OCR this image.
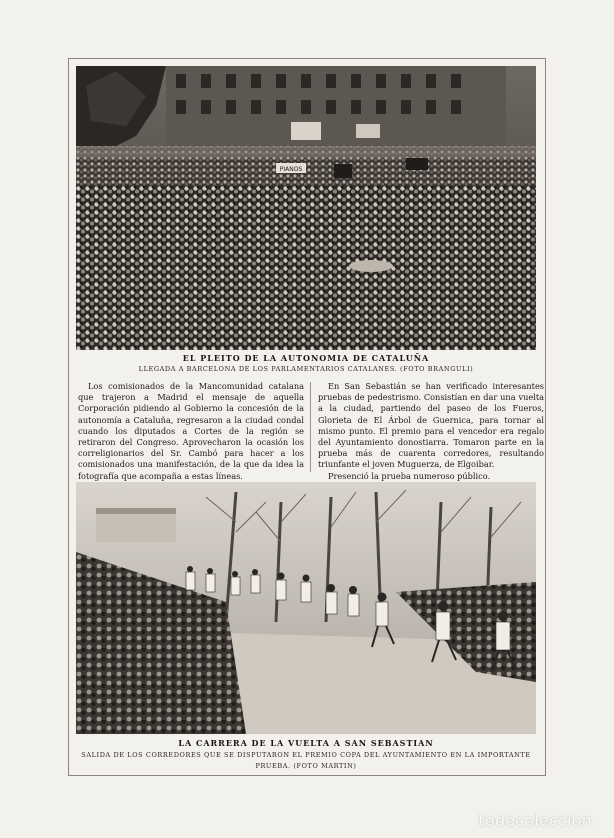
PIANOS
EL PLEITO DE LA AUTONOMIA DE CATALUÑA
LLEGADA A BARCELONA DE LOS PARLAMENTARIOS CATALANES. (FOTO BRANGULI)

Los comisionados de la Mancomunidad catalana que trajeron a Madrid el mensaje de aquella Corporación pidiendo al Gobierno la concesión de la autonomía a Cataluña, regresaron a la ciudad condal cuando los diputados a Cortes de la región se retiraron del Congreso. Aprovecharon la ocasión los correligionarios del Sr. Cambó para hacer a los comisionados una manifestación, de la que da idea la fotografía que acompaña a estas líneas.

En San Sebastián se han verificado interesantes pruebas de pedestrismo. Consistían en dar una vuelta a la ciudad, partiendo del paseo de los Fueros, Glorieta de El Árbol de Guernica, para tornar al mismo punto. El premio para el vencedor era regalo del Ayuntamiento donostiarra. Tomaron parte en la prueba más de cuarenta corredores, resultando triunfante el joven Muguerza, de Elgoibar.

Presenció la prueba numeroso público.

LA CARRERA DE LA VUELTA A SAN SEBASTIAN
SALIDA DE LOS CORREDORES QUE SE DISPUTARON EL PREMIO COPA DEL AYUNTAMIENTO EN LA IMPORTANTE PRUEBA. (FOTO MARTIN)
todocoleccion
